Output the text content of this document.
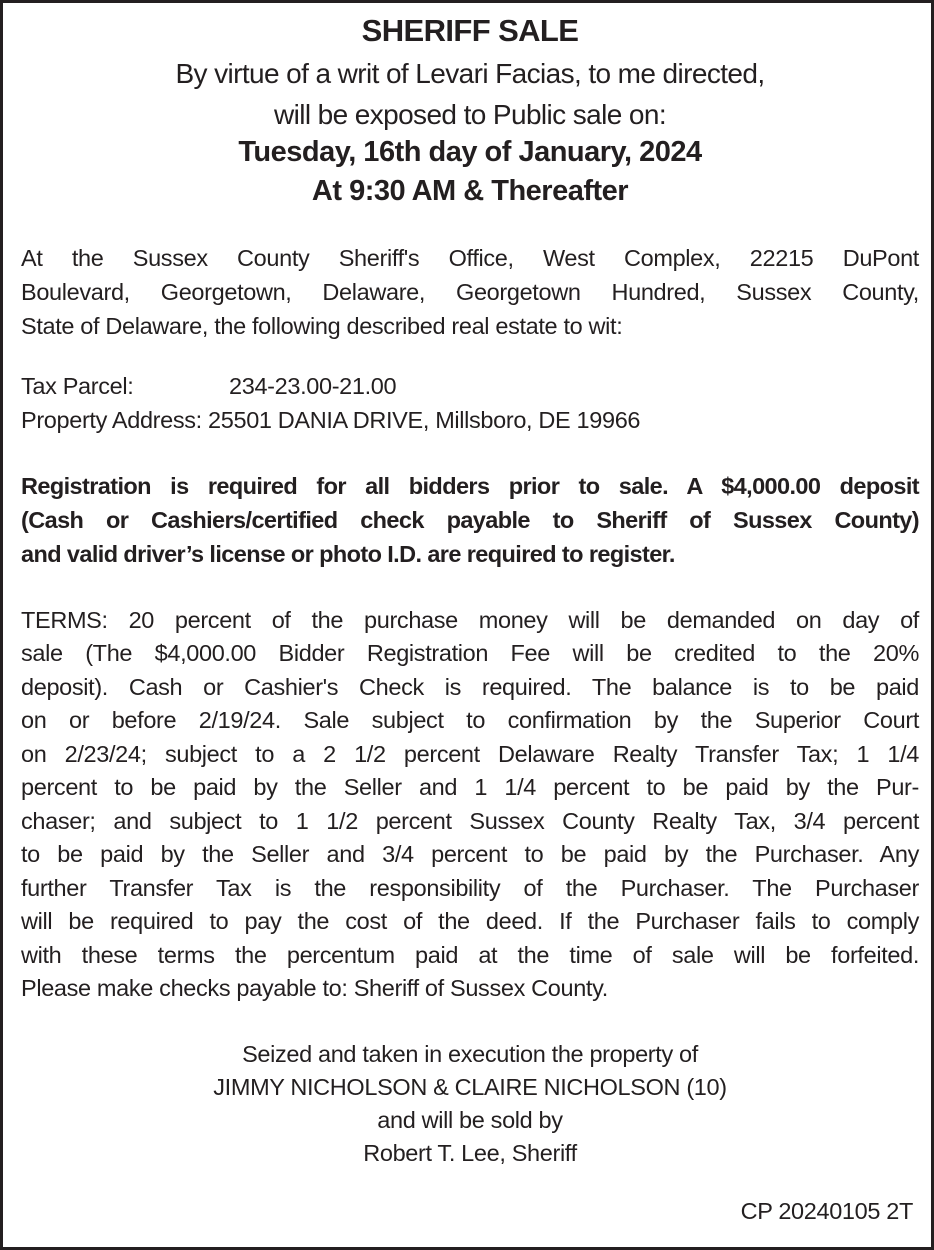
SHERIFF SALE
By virtue of a writ of Levari Facias, to me directed,
will be exposed to Public sale on:
Tuesday, 16th day of January, 2024
At 9:30 AM & Thereafter
At the Sussex County Sheriff's Office, West Complex, 22215 DuPont
Boulevard, Georgetown, Delaware, Georgetown Hundred, Sussex County,
State of Delaware, the following described real estate to wit:
Tax Parcel:	234-23.00-21.00
Property Address: 25501 DANIA DRIVE, Millsboro, DE 19966
Registration is required for all bidders prior to sale. A $4,000.00 deposit
(Cash or Cashiers/certified check payable to Sheriff of Sussex County)
and valid driver’s license or photo I.D. are required to register.
TERMS: 20 percent of the purchase money will be demanded on day of
sale (The $4,000.00 Bidder Registration Fee will be credited to the 20%
deposit). Cash or Cashier's Check is required. The balance is to be paid
on or before 2/19/24. Sale subject to confirmation by the Superior Court
on 2/23/24; subject to a 2 1/2 percent Delaware Realty Transfer Tax; 1 1/4
percent to be paid by the Seller and 1 1/4 percent to be paid by the Pur-
chaser; and subject to 1 1/2 percent Sussex County Realty Tax, 3/4 percent
to be paid by the Seller and 3/4 percent to be paid by the Purchaser. Any
further Transfer Tax is the responsibility of the Purchaser. The Purchaser
will be required to pay the cost of the deed. If the Purchaser fails to comply
with these terms the percentum paid at the time of sale will be forfeited.
Please make checks payable to: Sheriff of Sussex County.
Seized and taken in execution the property of
JIMMY NICHOLSON & CLAIRE NICHOLSON (10)
and will be sold by
Robert T. Lee, Sheriff
CP 20240105 2T
